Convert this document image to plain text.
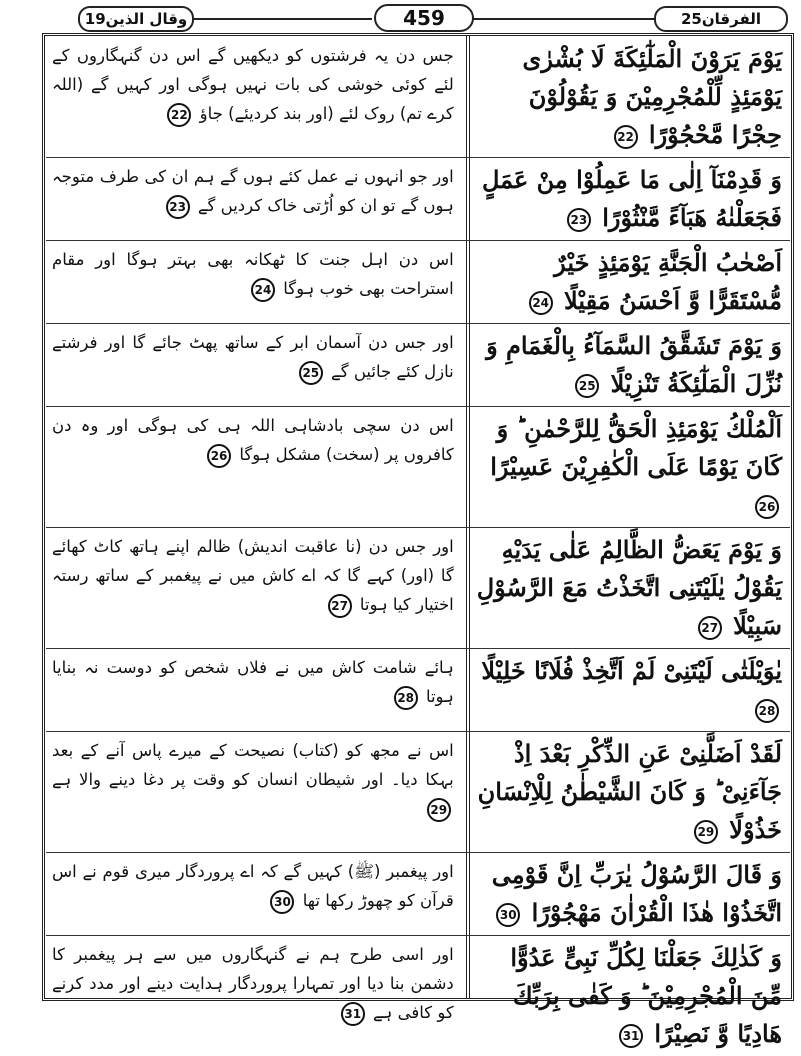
وقال الذین19	459	الفرقان25
جس دن یہ فرشتوں کو دیکھیں گے اس دن گنہگاروں کے لئے کوئی خوشی کی بات نہیں ہوگی اور کہیں گے (اللہ کرے تم) روک لئے (اور بند کردیئے) جاؤ 22
يَوْمَ يَرَوْنَ الْمَلٰٓئِكَةَ لَا بُشْرٰى يَوْمَئِذٍ لِّلْمُجْرِمِيْنَ وَ يَقُوْلُوْنَ حِجْرًا مَّحْجُوْرًا 22
اور جو انہوں نے عمل کئے ہوں گے ہم ان کی طرف متوجہ ہوں گے تو ان کو اُڑتی خاک کردیں گے 23
وَ قَدِمْنَآ اِلٰى مَا عَمِلُوْا مِنْ عَمَلٍ فَجَعَلْنٰهُ هَبَآءً مَّنْثُوْرًا 23
اس دن اہل جنت کا ٹھکانہ بھی بہتر ہوگا اور مقام استراحت بھی خوب ہوگا 24
اَصْحٰبُ الْجَنَّةِ يَوْمَئِذٍ خَيْرٌ مُّسْتَقَرًّا وَّ اَحْسَنُ مَقِيْلًا 24
اور جس دن آسمان ابر کے ساتھ پھٹ جائے گا اور فرشتے نازل کئے جائیں گے 25
وَ يَوْمَ تَشَقَّقُ السَّمَآءُ بِالْغَمَامِ وَ نُزِّلَ الْمَلٰٓئِكَةُ تَنْزِيْلًا 25
اس دن سچی بادشاہی اللہ ہی کی ہوگی اور وہ دن کافروں پر (سخت) مشکل ہوگا 26
اَلْمُلْكُ يَوْمَئِذِ الْحَقُّ لِلرَّحْمٰنِ ؕ وَ كَانَ يَوْمًا عَلَى الْكٰفِرِيْنَ عَسِيْرًا 26
اور جس دن (نا عاقبت اندیش) ظالم اپنے ہاتھ کاٹ کھائے گا (اور) کہے گا کہ اے کاش میں نے پیغمبر کے ساتھ رستہ اختیار کیا ہوتا 27
وَ يَوْمَ يَعَضُّ الظَّالِمُ عَلٰى يَدَيْهِ يَقُوْلُ يٰلَيْتَنِى اتَّخَذْتُ مَعَ الرَّسُوْلِ سَبِيْلًا 27
ہائے شامت کاش میں نے فلاں شخص کو دوست نہ بنایا ہوتا 28
يٰوَيْلَتٰى لَيْتَنِىْ لَمْ اَتَّخِذْ فُلَانًا خَلِيْلًا 28
اس نے مجھ کو (کتاب) نصیحت کے میرے پاس آنے کے بعد بہکا دیا۔ اور شیطان انسان کو وقت پر دغا دینے والا ہے 29
لَقَدْ اَضَلَّنِىْ عَنِ الذِّكْرِ بَعْدَ اِذْ جَآءَنِىْ ؕ وَ كَانَ الشَّيْطٰنُ لِلْاِنْسَانِ خَذُوْلًا 29
اور پیغمبر (ﷺ) کہیں گے کہ اے پروردگار میری قوم نے اس قرآن کو چھوڑ رکھا تھا 30
وَ قَالَ الرَّسُوْلُ يٰرَبِّ اِنَّ قَوْمِى اتَّخَذُوْا هٰذَا الْقُرْاٰنَ مَهْجُوْرًا 30
اور اسی طرح ہم نے گنہگاروں میں سے ہر پیغمبر کا دشمن بنا دیا اور تمہارا پروردگار ہدایت دینے اور مدد کرنے کو کافی ہے 31
وَ كَذٰلِكَ جَعَلْنَا لِكُلِّ نَبِىٍّ عَدُوًّا مِّنَ الْمُجْرِمِيْنَ ؕ وَ كَفٰى بِرَبِّكَ هَادِيًا وَّ نَصِيْرًا 31
